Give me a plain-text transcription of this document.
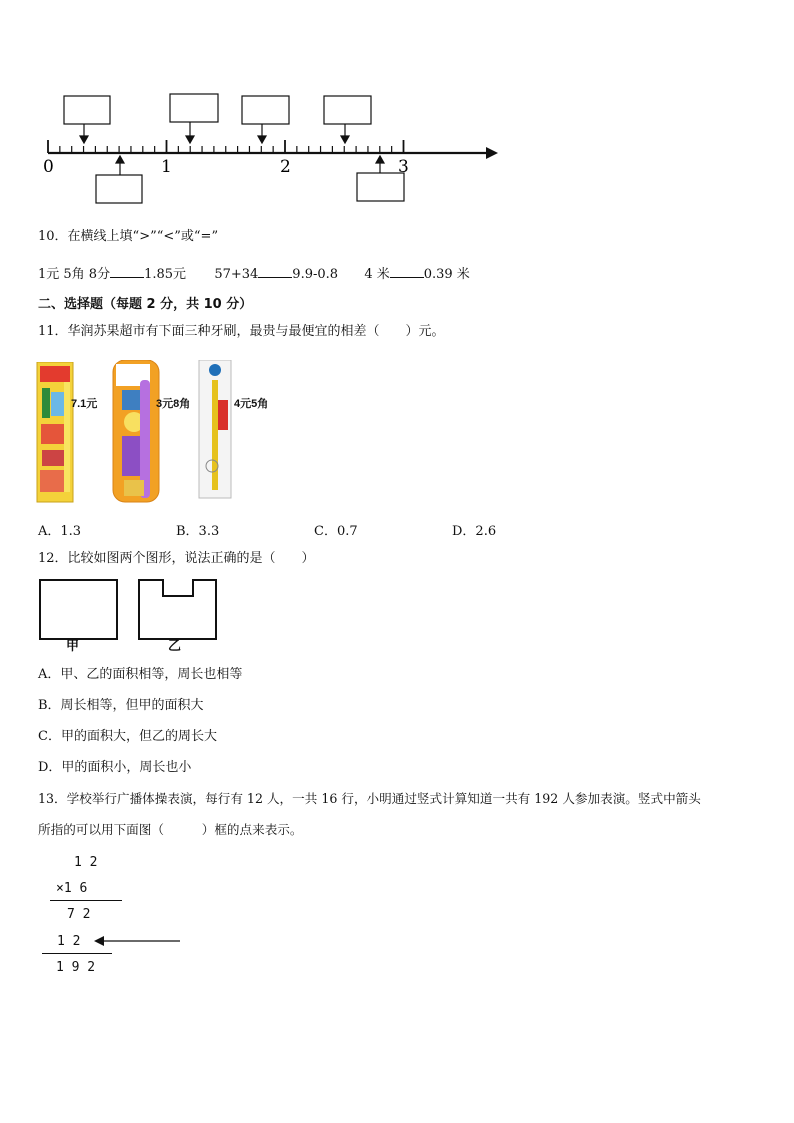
0	1	2	3
10．在横线上填“>”“<”或“=”
1元 5角 8分	1.85元 57+34	9.9-0.8 4 米	0.39 米
二、选择题（每题 2 分，共 10 分）
11．华润苏果超市有下面三种牙刷，最贵与最便宜的相差（　　）元。
7.1元	3元8角	4元5角
A．1.3	B．3.3	C．0.7	D．2.6
12．比较如图两个图形，说法正确的是（　　）
甲	乙
A．甲、乙的面积相等，周长也相等
B．周长相等，但甲的面积大
C．甲的面积大，但乙的周长大
D．甲的面积小，周长也小
13．学校举行广播体操表演，每行有 12 人，一共 16 行，小明通过竖式计算知道一共有 192 人参加表演。竖式中箭头
所指的可以用下面图（　　　）框的点来表示。
1 2
×1 6
7 2
1 2
1 9 2
